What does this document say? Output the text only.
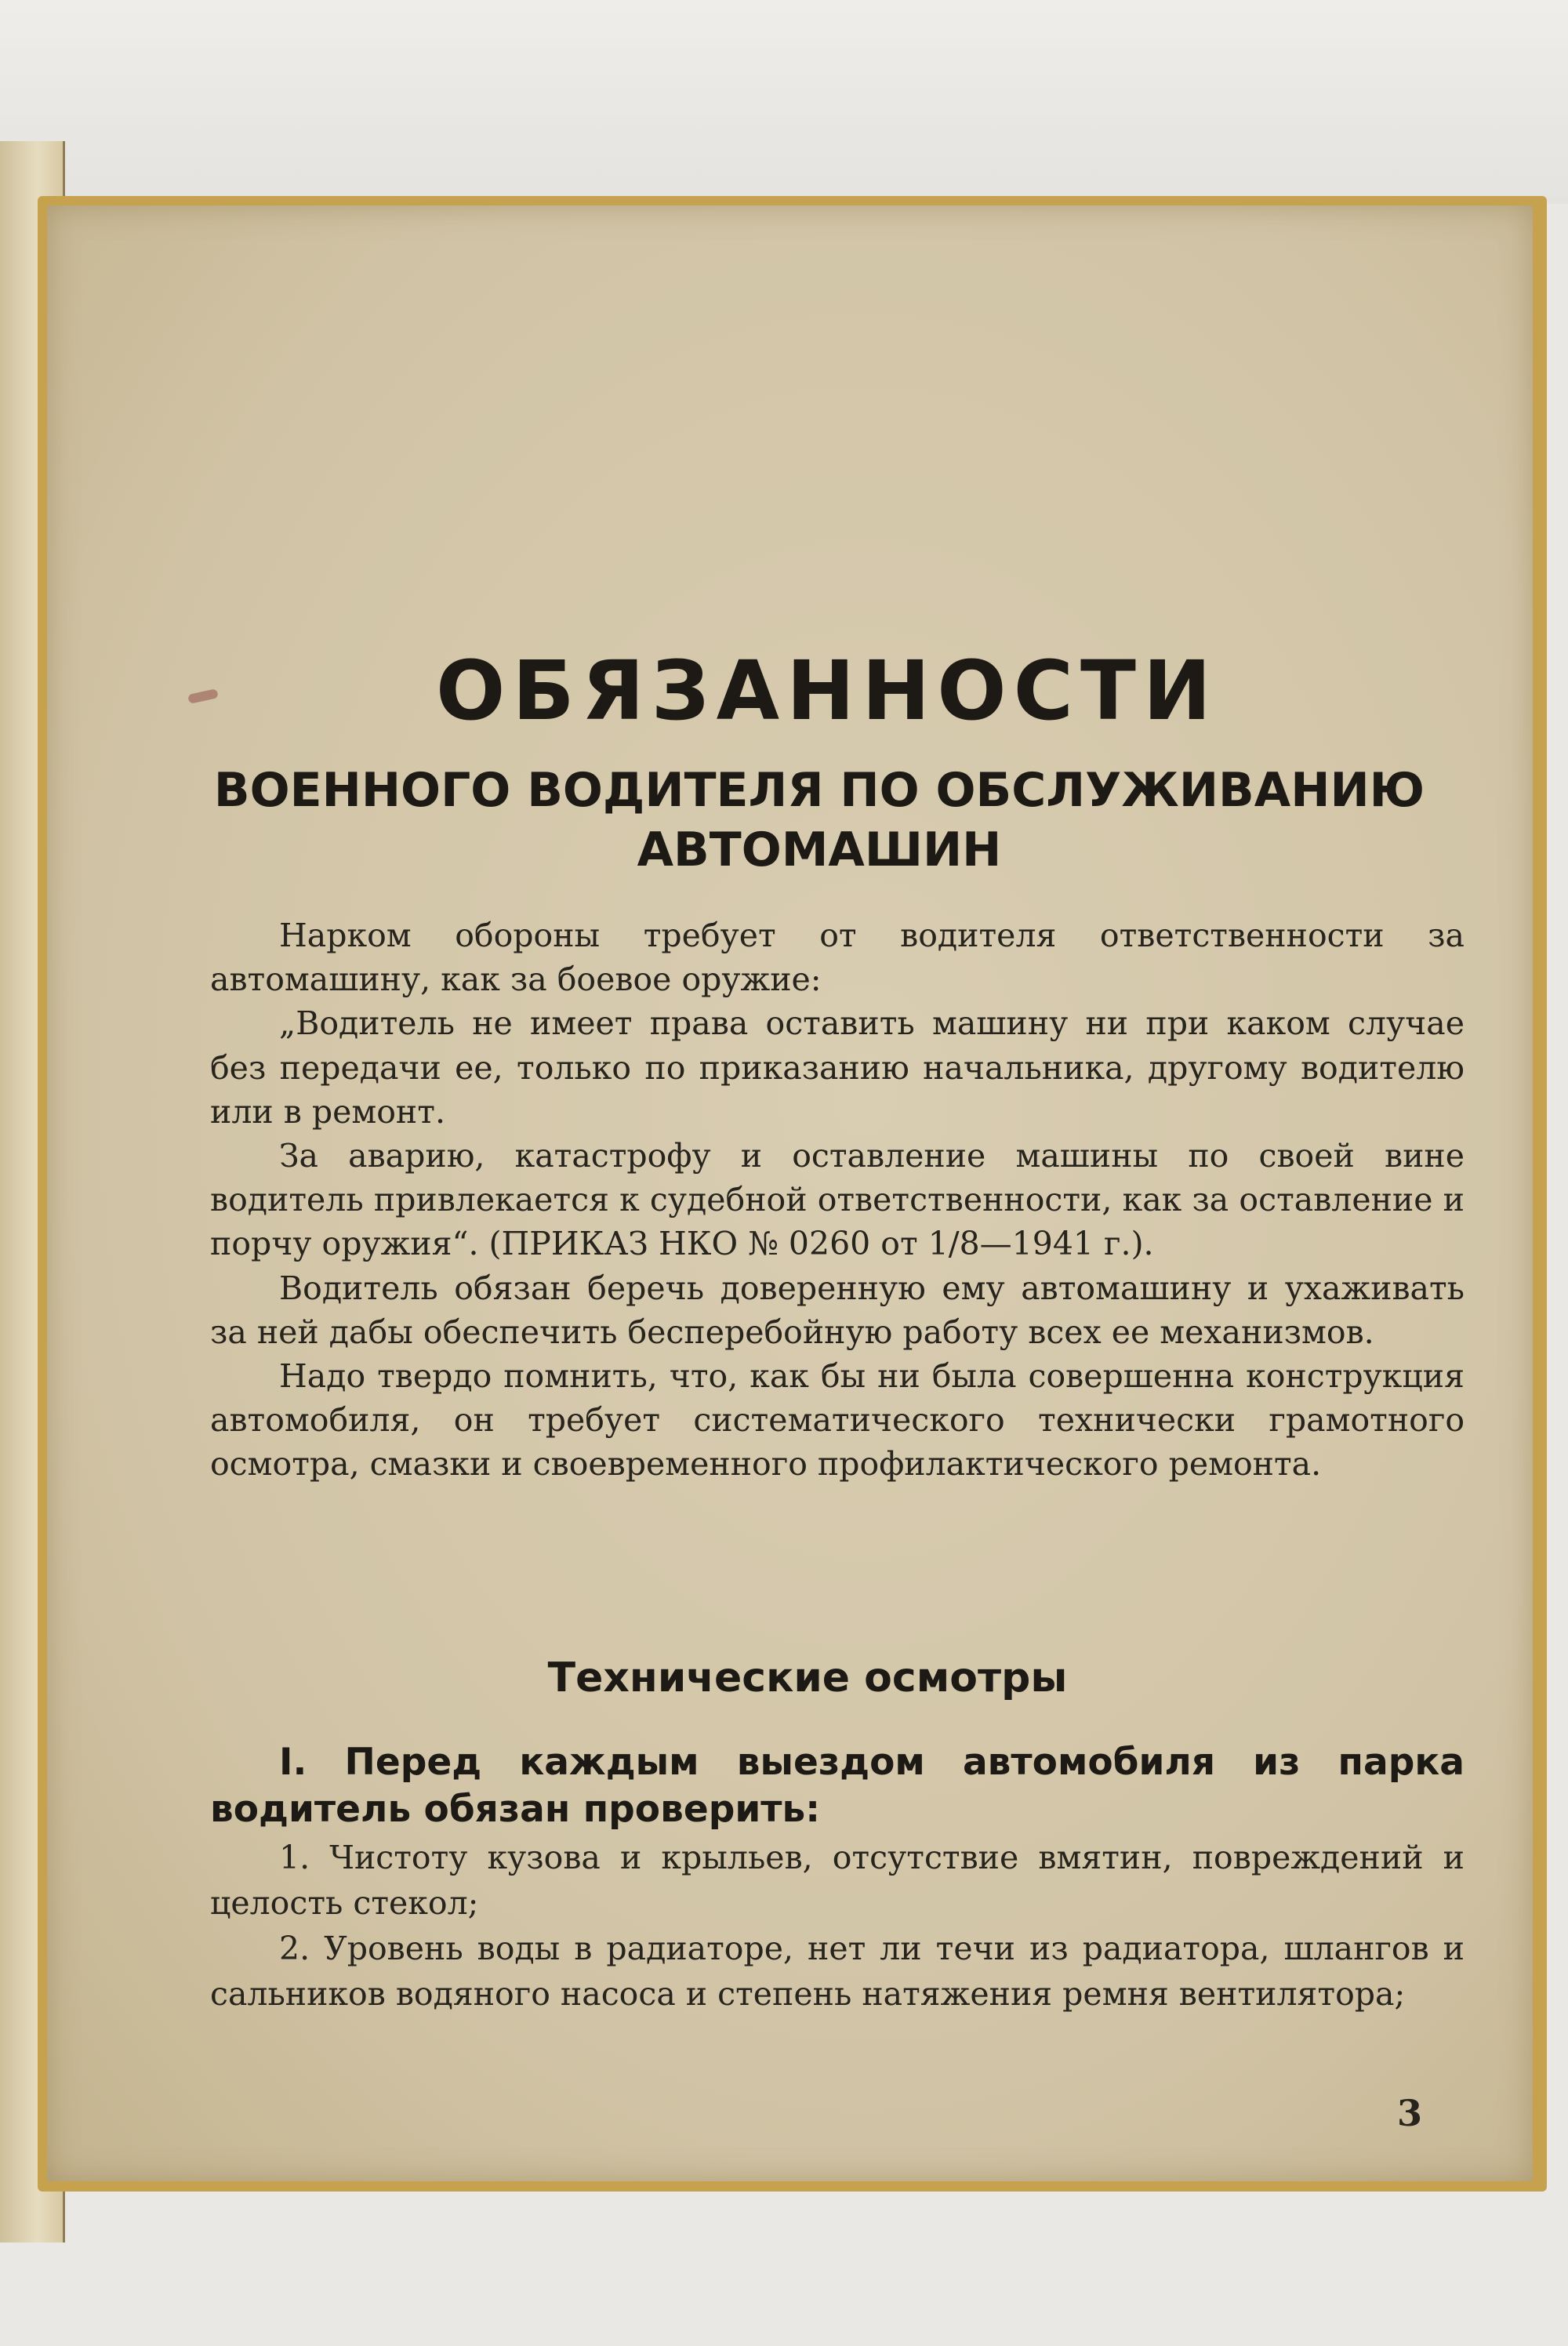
ОБЯЗАННОСТИ
ВОЕННОГО ВОДИТЕЛЯ ПО ОБСЛУЖИВАНИЮ АВТОМАШИН

Нарком обороны требует от водителя ответственности за автомашину, как за боевое оружие:

„Водитель не имеет права оставить машину ни при каком случае без передачи ее, только по приказанию начальника, другому водителю или в ремонт.

За аварию, катастрофу и оставление машины по своей вине водитель привлекается к судебной ответственности, как за оставление и порчу оружия“. (ПРИКАЗ НКО № 0260 от 1/8—1941 г.).

Водитель обязан беречь доверенную ему автомашину и ухаживать за ней дабы обеспечить бесперебойную работу всех ее механизмов.

Надо твердо помнить, что, как бы ни была совершенна конструкция автомобиля, он требует систематического технически грамотного осмотра, смазки и своевременного профилактического ремонта.

Технические осмотры
I. Перед каждым выездом автомобиля из парка водитель обязан проверить:

1. Чистоту кузова и крыльев, отсутствие вмятин, повреждений и целость стекол;

2. Уровень воды в радиаторе, нет ли течи из радиатора, шлангов и сальников водяного насоса и степень натяжения ремня вентилятора;

3
